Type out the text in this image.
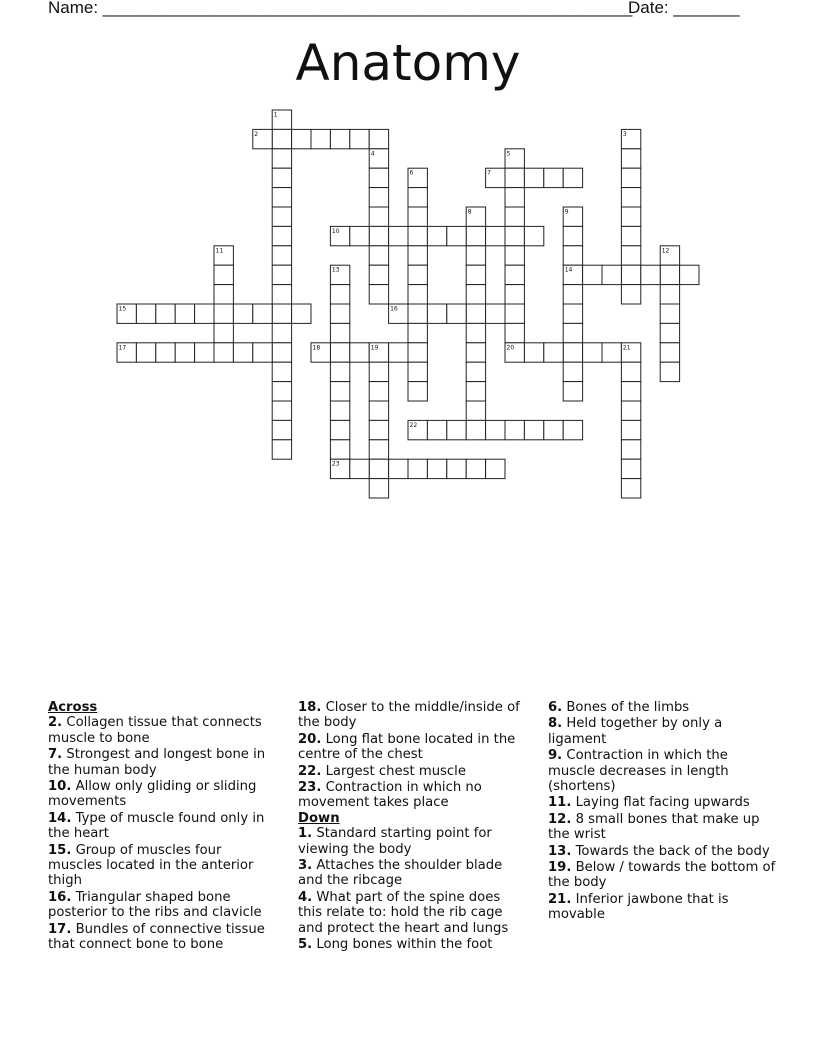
Name: ________________________________________________________
Date: _______
Anatomy
1
2	3
4	5
6	7
8	9
10
11	12
13	14
15	16
17	18	19	20	21
22
23
Across
2. Collagen tissue that connects muscle to bone
7. Strongest and longest bone in the human body
10. Allow only gliding or sliding movements
14. Type of muscle found only in the heart
15. Group of muscles four muscles located in the anterior thigh
16. Triangular shaped bone posterior to the ribs and clavicle
17. Bundles of connective tissue that connect bone to bone
18. Closer to the middle/inside of the body
20. Long flat bone located in the centre of the chest
22. Largest chest muscle
23. Contraction in which no movement takes place
Down
1. Standard starting point for viewing the body
3. Attaches the shoulder blade and the ribcage
4. What part of the spine does this relate to: hold the rib cage and protect the heart and lungs
5. Long bones within the foot
6. Bones of the limbs
8. Held together by only a ligament
9. Contraction in which the muscle decreases in length (shortens)
11. Laying flat facing upwards
12. 8 small bones that make up the wrist
13. Towards the back of the body
19. Below / towards the bottom of the body
21. Inferior jawbone that is movable
